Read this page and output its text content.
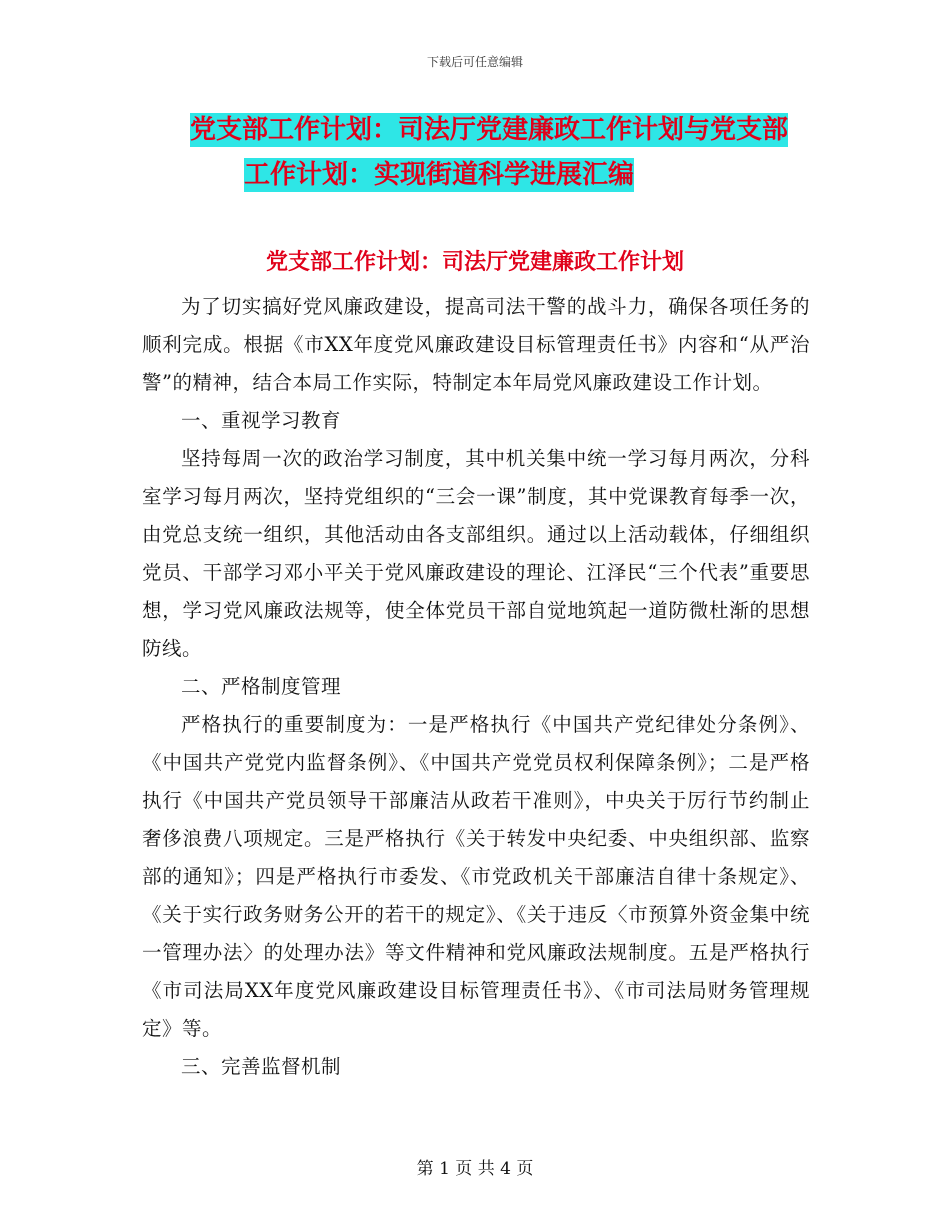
下载后可任意编辑
党支部工作计划：司法厅党建廉政工作计划与党支部
工作计划：实现街道科学进展汇编
党支部工作计划：司法厅党建廉政工作计划

为了切实搞好党风廉政建设，提高司法干警的战斗力，确保各项任务的顺利完成。根据《市XX年度党风廉政建设目标管理责任书》内容和“从严治警”的精神，结合本局工作实际，特制定本年局党风廉政建设工作计划。

一、重视学习教育

坚持每周一次的政治学习制度，其中机关集中统一学习每月两次，分科室学习每月两次，坚持党组织的“三会一课”制度，其中党课教育每季一次，由党总支统一组织，其他活动由各支部组织。通过以上活动载体，仔细组织党员、干部学习邓小平关于党风廉政建设的理论、江泽民“三个代表”重要思想，学习党风廉政法规等，使全体党员干部自觉地筑起一道防微杜渐的思想防线。

二、严格制度管理

严格执行的重要制度为：一是严格执行《中国共产党纪律处分条例》、《中国共产党党内监督条例》、《中国共产党党员权利保障条例》；二是严格执行《中国共产党员领导干部廉洁从政若干准则》，中央关于厉行节约制止奢侈浪费八项规定。三是严格执行《关于转发中央纪委、中央组织部、监察部的通知》；四是严格执行市委发、《市党政机关干部廉洁自律十条规定》、《关于实行政务财务公开的若干的规定》、《关于违反〈市预算外资金集中统一管理办法〉的处理办法》等文件精神和党风廉政法规制度。五是严格执行《市司法局XX年度党风廉政建设目标管理责任书》、《市司法局财务管理规定》等。

三、完善监督机制

第 1 页 共 4 页
